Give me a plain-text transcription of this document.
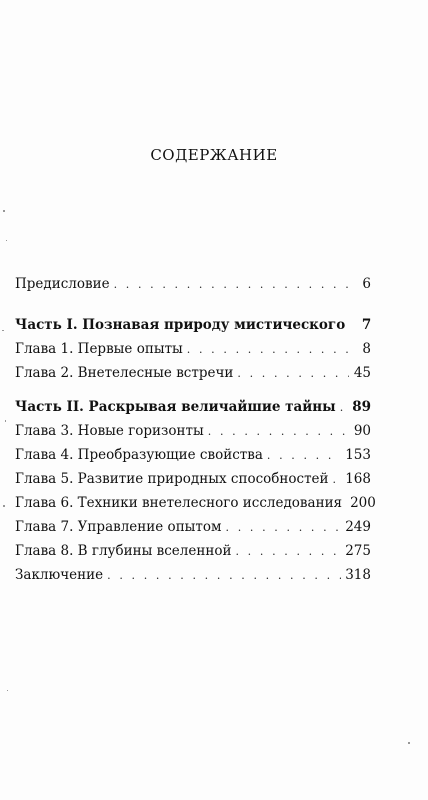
СОДЕРЖАНИЕ
Предисловие . . .	6
Часть I. Познавая природу мистического	7
Глава 1. Первые опыты . . .	8
Глава 2. Внетелесные встречи . . .	45
Часть II. Раскрывая величайшие тайны . . . 89
Глава 3. Новые горизонты . . .	90
Глава 4. Преобразующие свойства . . .	153
Глава 5. Развитие природных способностей . . . 168
Глава 6. Техники внетелесного исследования 200
Глава 7. Управление опытом . . .	249
Глава 8. В глубины вселенной . . .	275
Заключение . . .	318
